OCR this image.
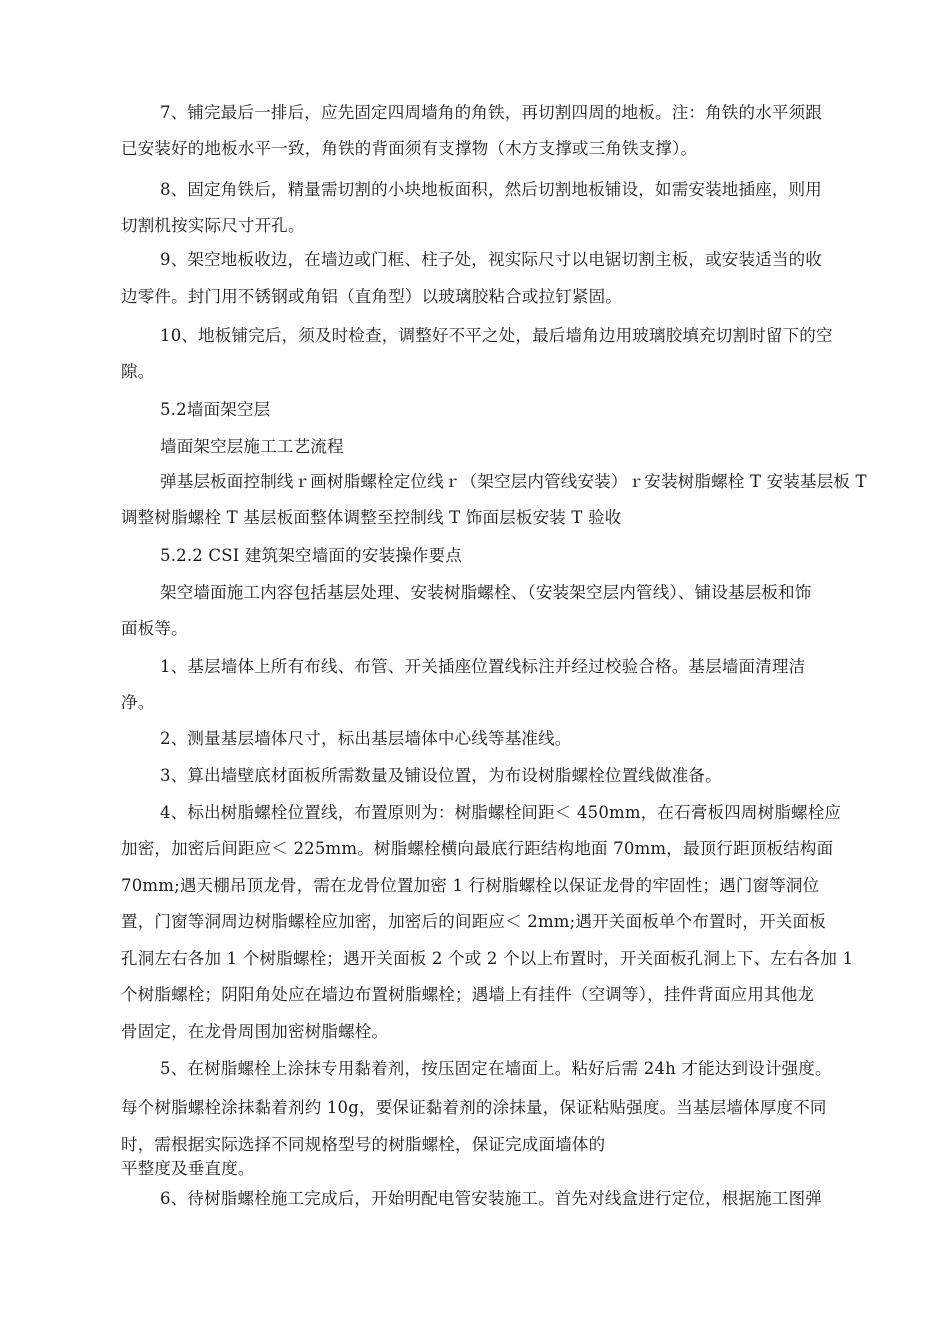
7、铺完最后一排后，应先固定四周墙角的角铁，再切割四周的地板。注：角铁的水平须跟
已安装好的地板水平一致，角铁的背面须有支撑物（木方支撑或三角铁支撑）。
8、固定角铁后，精量需切割的小块地板面积，然后切割地板铺设，如需安装地插座，则用
切割机按实际尺寸开孔。
9、架空地板收边，在墙边或门框、柱子处，视实际尺寸以电锯切割主板，或安装适当的收
边零件。封门用不锈钢或角铝（直角型）以玻璃胶粘合或拉钉紧固。
10、地板铺完后，须及时检查，调整好不平之处，最后墙角边用玻璃胶填充切割时留下的空
隙。
5.2墙面架空层
墙面架空层施工工艺流程
弹基层板面控制线ｒ画树脂螺栓定位线ｒ（架空层内管线安装）ｒ安装树脂螺栓 T 安装基层板 T
调整树脂螺栓 T 基层板面整体调整至控制线 T 饰面层板安装 T 验收
5.2.2 CSI 建筑架空墙面的安装操作要点
架空墙面施工内容包括基层处理、安装树脂螺栓、（安装架空层内管线）、铺设基层板和饰
面板等。
1、基层墙体上所有布线、布管、开关插座位置线标注并经过校验合格。基层墙面清理洁
净。
2、测量基层墙体尺寸，标出基层墙体中心线等基准线。
3、算出墙壁底材面板所需数量及铺设位置，为布设树脂螺栓位置线做准备。
4、标出树脂螺栓位置线，布置原则为：树脂螺栓间距＜ 450mm，在石膏板四周树脂螺栓应
加密，加密后间距应＜ 225mm。树脂螺栓横向最底行距结构地面 70mm，最顶行距顶板结构面
70mm;遇天棚吊顶龙骨，需在龙骨位置加密 1 行树脂螺栓以保证龙骨的牢固性；遇门窗等洞位
置，门窗等洞周边树脂螺栓应加密，加密后的间距应＜ 2mm;遇开关面板单个布置时，开关面板
孔洞左右各加 1 个树脂螺栓；遇开关面板 2 个或 2 个以上布置时，开关面板孔洞上下、左右各加 1
个树脂螺栓；阴阳角处应在墙边布置树脂螺栓；遇墙上有挂件（空调等），挂件背面应用其他龙
骨固定，在龙骨周围加密树脂螺栓。
5、在树脂螺栓上涂抹专用黏着剂，按压固定在墙面上。粘好后需 24h 才能达到设计强度。
每个树脂螺栓涂抹黏着剂约 10g，要保证黏着剂的涂抹量，保证粘贴强度。当基层墙体厚度不同
时，需根据实际选择不同规格型号的树脂螺栓，保证完成面墙体的
平整度及垂直度。
6、待树脂螺栓施工完成后，开始明配电管安装施工。首先对线盒进行定位，根据施工图弹
